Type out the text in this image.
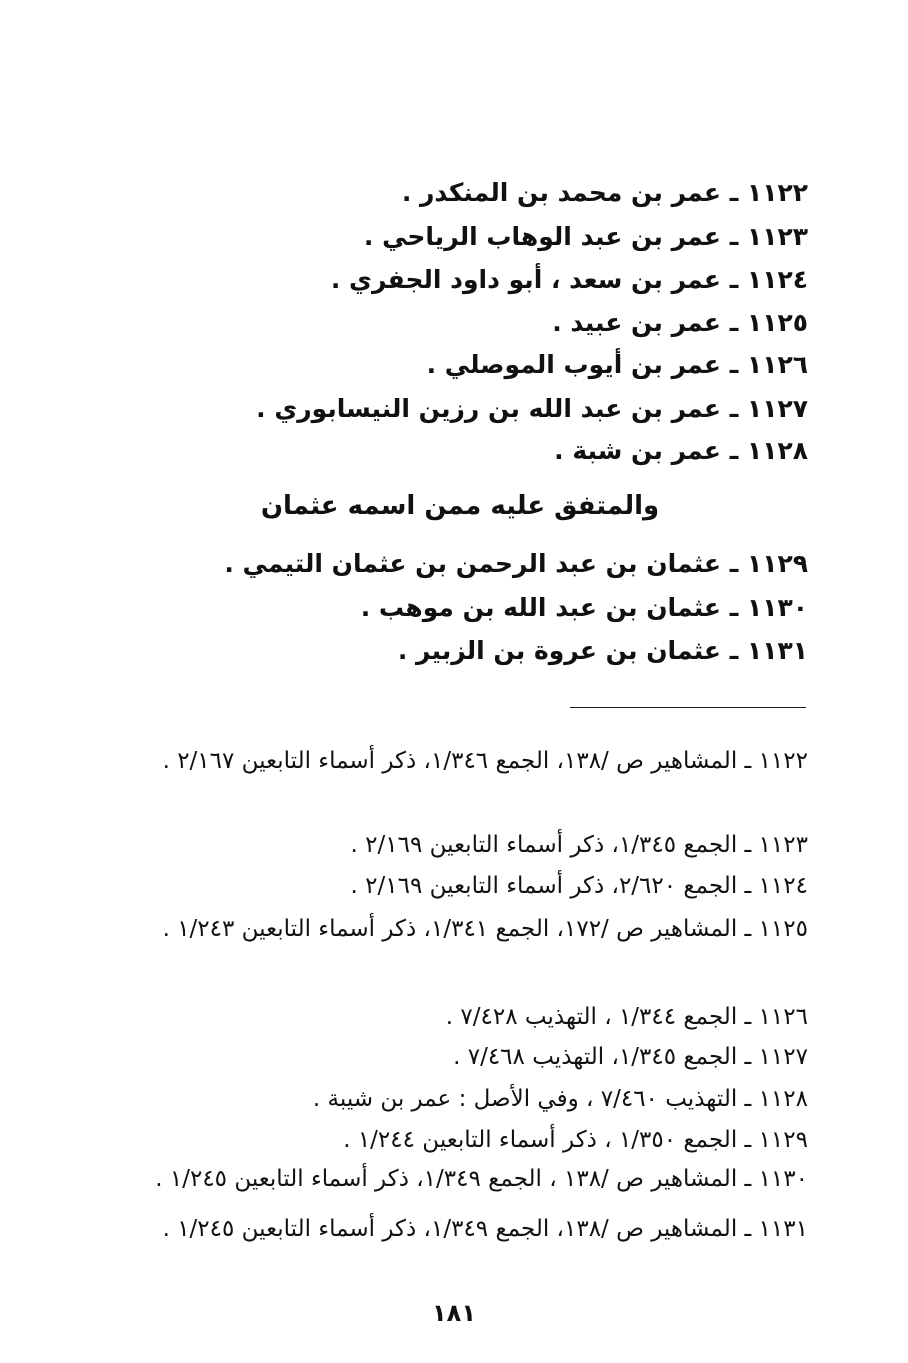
١١٢٢ ـ عمر بن محمد بن المنكدر .
١١٢٣ ـ عمر بن عبد الوهاب الرياحي .
١١٢٤ ـ عمر بن سعد ، أبو داود الجفري .
١١٢٥ ـ عمر بن عبيد .
١١٢٦ ـ عمر بن أيوب الموصلي .
١١٢٧ ـ عمر بن عبد الله بن رزين النيسابوري .
١١٢٨ ـ عمر بن شبة .
والمتفق عليه ممن اسمه عثمان
١١٢٩ ـ عثمان بن عبد الرحمن بن عثمان التيمي .
١١٣٠ ـ عثمان بن عبد الله بن موهب .
١١٣١ ـ عثمان بن عروة بن الزبير .
١١٢٢ ـ المشاهير ص /١٣٨، الجمع ١/٣٤٦، ذكر أسماء التابعين ٢/١٦٧ .
١١٢٣ ـ الجمع ١/٣٤٥، ذكر أسماء التابعين ٢/١٦٩ .
١١٢٤ ـ الجمع ٢/٦٢٠، ذكر أسماء التابعين ٢/١٦٩ .
١١٢٥ ـ المشاهير ص /١٧٢، الجمع ١/٣٤١، ذكر أسماء التابعين ١/٢٤٣ .
١١٢٦ ـ الجمع ١/٣٤٤ ، التهذيب ٧/٤٢٨ .
١١٢٧ ـ الجمع ١/٣٤٥، التهذيب ٧/٤٦٨ .
١١٢٨ ـ التهذيب ٧/٤٦٠ ، وفي الأصل : عمر بن شيبة .
١١٢٩ ـ الجمع ١/٣٥٠ ، ذكر أسماء التابعين ١/٢٤٤ .
١١٣٠ ـ المشاهير ص /١٣٨ ، الجمع ١/٣٤٩، ذكر أسماء التابعين ١/٢٤٥ .
١١٣١ ـ المشاهير ص /١٣٨، الجمع ١/٣٤٩، ذكر أسماء التابعين ١/٢٤٥ .
١٨١
